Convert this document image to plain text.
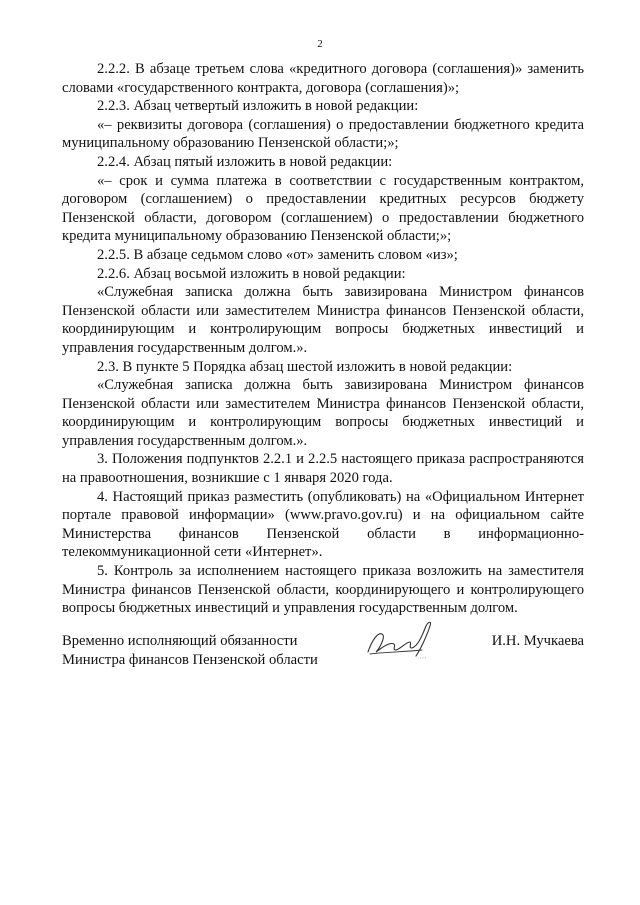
2

2.2.2. В абзаце третьем слова «кредитного договора (соглашения)» заменить словами «государственного контракта, договора (соглашения)»;

2.2.3. Абзац четвертый изложить в новой редакции:

«– реквизиты договора (соглашения) о предоставлении бюджетного кредита муниципальному образованию Пензенской области;»;

2.2.4. Абзац пятый изложить в новой редакции:

«– срок и сумма платежа в соответствии с государственным контрактом, договором (соглашением) о предоставлении кредитных ресурсов бюджету Пензенской области, договором (соглашением) о предоставлении бюджетного кредита муниципальному образованию Пензенской области;»;

2.2.5. В абзаце седьмом слово «от» заменить словом «из»;

2.2.6. Абзац восьмой изложить в новой редакции:

«Служебная записка должна быть завизирована Министром финансов Пензенской области или заместителем Министра финансов Пензенской области, координирующим и контролирующим вопросы бюджетных инвестиций и управления государственным долгом.».

2.3. В пункте 5 Порядка абзац шестой изложить в новой редакции:

«Служебная записка должна быть завизирована Министром финансов Пензенской области или заместителем Министра финансов Пензенской области, координирующим и контролирующим вопросы бюджетных инвестиций и управления государственным долгом.».

3. Положения подпунктов 2.2.1 и 2.2.5 настоящего приказа распространяются на правоотношения, возникшие с 1 января 2020 года.

4. Настоящий приказ разместить (опубликовать) на «Официальном Интернет портале правовой информации» (www.pravo.gov.ru) и на официальном сайте Министерства финансов Пензенской области в информационно-телекоммуникационной сети «Интернет».

5. Контроль за исполнением настоящего приказа возложить на заместителя Министра финансов Пензенской области, координирующего и контролирующего вопросы бюджетных инвестиций и управления государственным долгом.

Временно исполняющий обязанности
Министра финансов Пензенской области
И.Н. Мучкаева
